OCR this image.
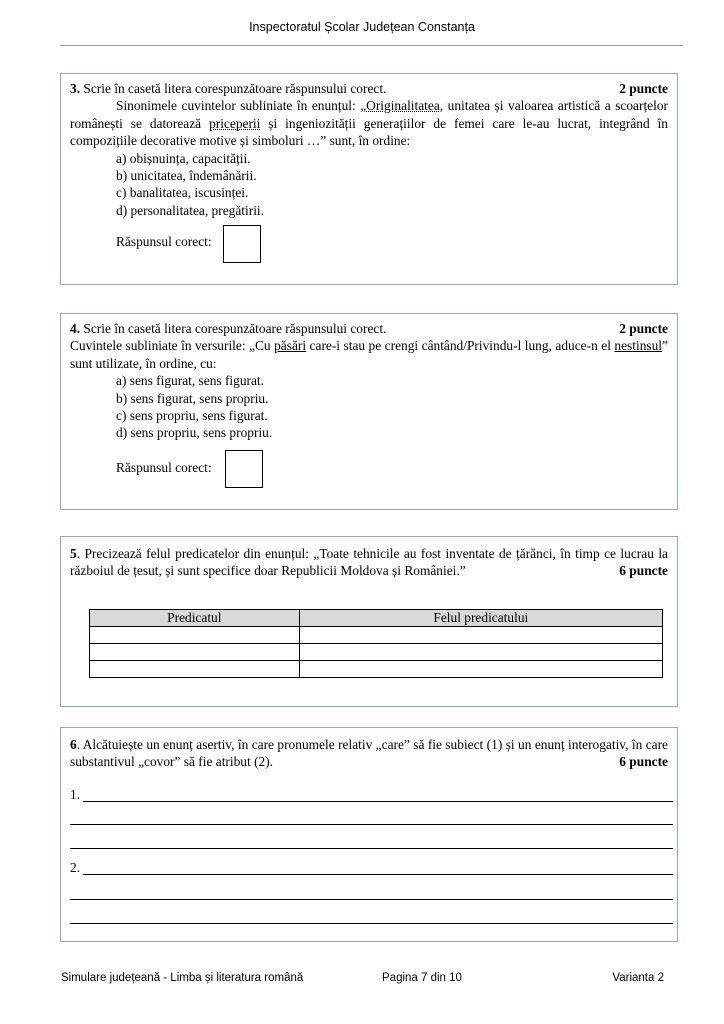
Inspectoratul Școlar Județean Constanța

2 puncte
3. Scrie în casetă litera corespunzătoare răspunsului corect.

Sinonimele cuvintelor subliniate în enunțul: „Originalitatea, unitatea și valoarea artistică a scoarțelor românești se datorează priceperii și ingeniozității generațiilor de femei care le-au lucrat, integrând în compozițiile decorative motive și simboluri …” sunt, în ordine:

a) obișnuința, capacității.
b) unicitatea, îndemânării.
c) banalitatea, iscusinței.
d) personalitatea, pregătirii.
Răspunsul corect:

2 puncte
4. Scrie în casetă litera corespunzătoare răspunsului corect.

Cuvintele subliniate în versurile: „Cu păsări care-i stau pe crengi cântând/Privindu-l lung, aduce-n el nestinsul” sunt utilizate, în ordine, cu:

a) sens figurat, sens figurat.
b) sens figurat, sens propriu.
c) sens propriu, sens figurat.
d) sens propriu, sens propriu.
Răspunsul corect:

5. Precizează felul predicatelor din enunțul: „Toate tehnicile au fost inventate de țărănci, în timp ce lucrau la războiul de țesut, și sunt specifice doar Republicii Moldova și României.”	6 puncte

Predicatul	Felul predicatului

6. Alcătuiește un enunț asertiv, în care pronumele relativ „care” să fie subiect (1) și un enunț interogativ, în care substantivul „covor” să fie atribut (2).	6 puncte

1.
2.
Simulare județeană - Limba și literatura română	Pagina 7 din 10	Varianta 2
